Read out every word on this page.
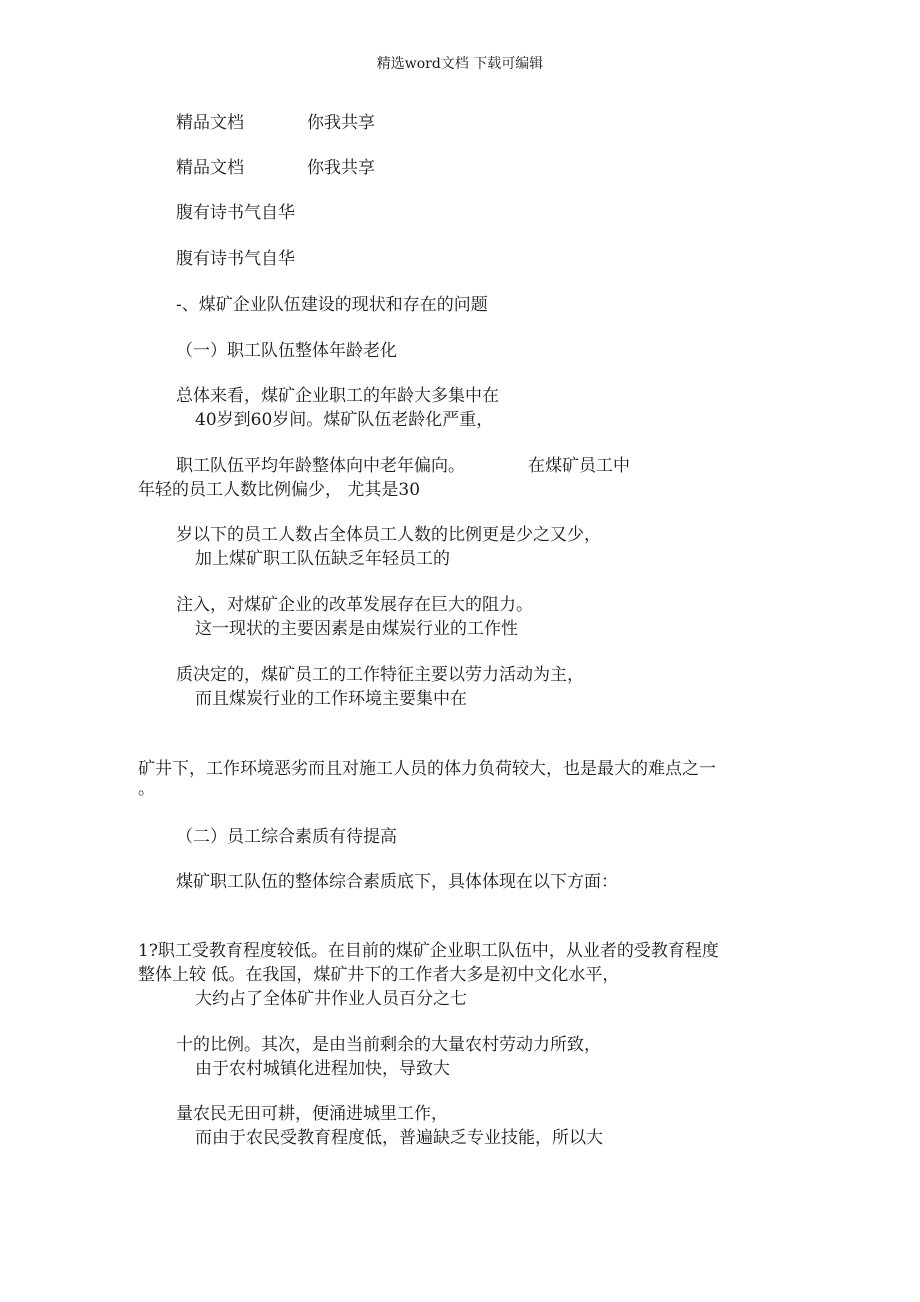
精选word文档 下载可编辑
精品文档	你我共享
精品文档	你我共享
腹有诗书气自华
腹有诗书气自华
-、煤矿企业队伍建设的现状和存在的问题
（一）职工队伍整体年龄老化
总体来看，煤矿企业职工的年龄大多集中在
40岁到60岁间。煤矿队伍老龄化严重，
职工队伍平均年龄整体向中老年偏向。	在煤矿员工中
年轻的员工人数比例偏少， 尤其是30
岁以下的员工人数占全体员工人数的比例更是少之又少，
加上煤矿职工队伍缺乏年轻员工的
注入，对煤矿企业的改革发展存在巨大的阻力。
这一现状的主要因素是由煤炭行业的工作性
质决定的，煤矿员工的工作特征主要以劳力活动为主，
而且煤炭行业的工作环境主要集中在
矿井下，工作环境恶劣而且对施工人员的体力负荷较大，也是最大的难点之一
。
（二）员工综合素质有待提高
煤矿职工队伍的整体综合素质底下，具体体现在以下方面：
1?职工受教育程度较低。在目前的煤矿企业职工队伍中，从业者的受教育程度
整体上较 低。在我国，煤矿井下的工作者大多是初中文化水平，
大约占了全体矿井作业人员百分之七
十的比例。其次，是由当前剩余的大量农村劳动力所致，
由于农村城镇化进程加快，导致大
量农民无田可耕，便涌进城里工作，
而由于农民受教育程度低，普遍缺乏专业技能，所以大
